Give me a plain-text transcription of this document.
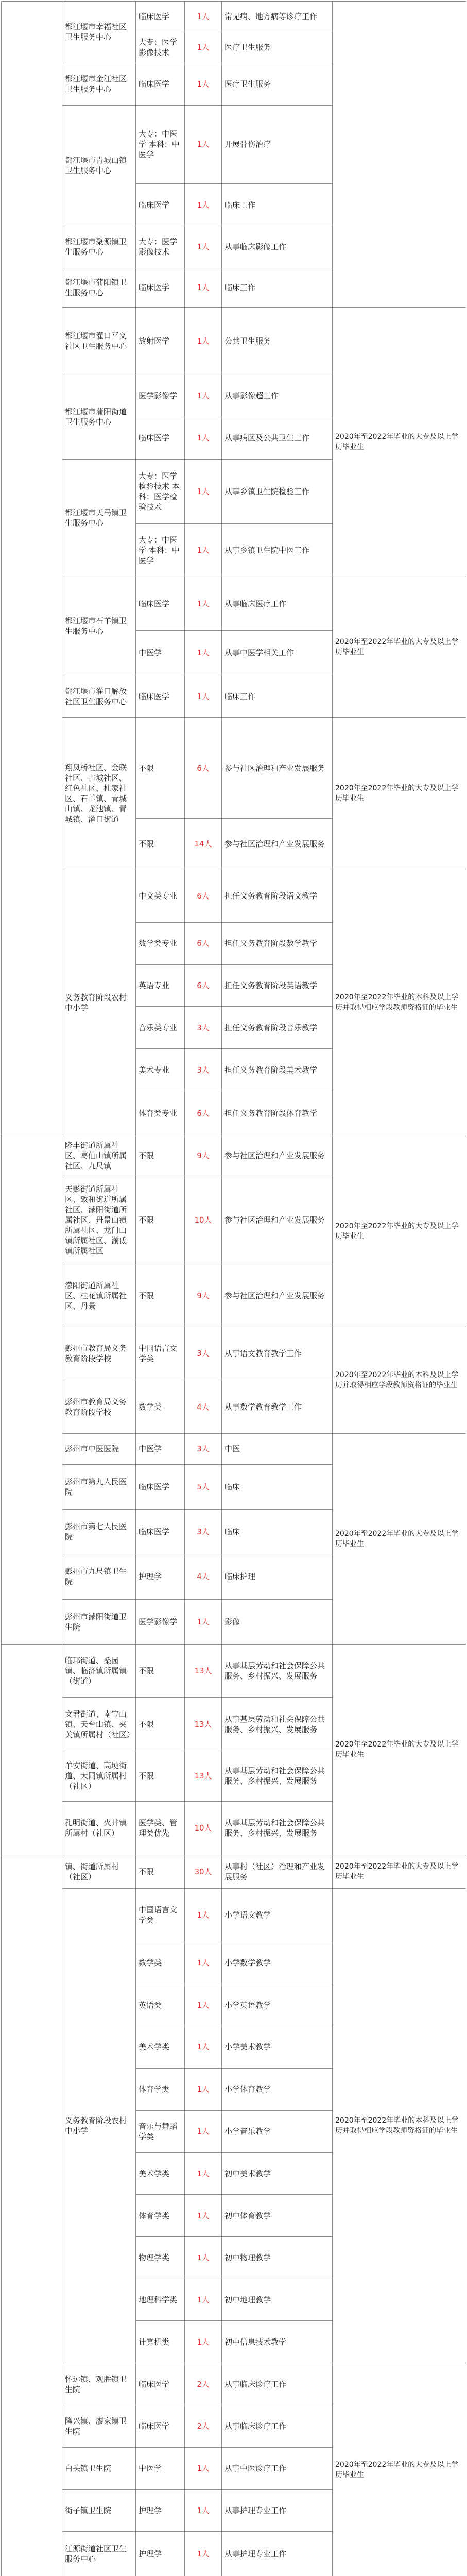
	都江堰市幸福社区卫生服务中心	临床医学	1人	常见病、地方病等诊疗工作	
		大专：医学影像技术	1人	医疗卫生服务	
	都江堰市金江社区卫生服务中心	临床医学	1人	医疗卫生服务	
	都江堰市青城山镇卫生服务中心	大专：中医学 本科：中医学	1人	开展骨伤治疗	
		临床医学	1人	临床工作	
	都江堰市聚源镇卫生服务中心	大专：医学影像技术	1人	从事临床影像工作	
	都江堰市蒲阳镇卫生服务中心	临床医学	1人	临床工作	
	都江堰市灌口平义社区卫生服务中心	放射医学	1人	公共卫生服务	2020年至2022年毕业的大专及以上学历毕业生
	都江堰市蒲阳街道卫生服务中心	医学影像学	1人	从事影像超工作	
		临床医学	1人	从事病区及公共卫生工作	
	都江堰市天马镇卫生服务中心	大专：医学检验技术 本科：医学检验技术	1人	从事乡镇卫生院检验工作	
		大专：中医学 本科：中医学	1人	从事乡镇卫生院中医工作	
	都江堰市石羊镇卫生服务中心	临床医学	1人	从事临床医疗工作	2020年至2022年毕业的大专及以上学历毕业生
		中医学	1人	从事中医学相关工作	
	都江堰市灌口解放社区卫生服务中心	临床医学	1人	临床工作	
	翔凤桥社区、金联社区、古城社区、红色社区、杜家社区、石羊镇、青城山镇、龙池镇、青城镇、灌口街道	不限	6人	参与社区治理和产业发展服务	2020年至2022年毕业的大专及以上学历毕业生
		不限	14人	参与社区治理和产业发展服务	
	义务教育阶段农村中小学	中文类专业	6人	担任义务教育阶段语文教学	2020年至2022年毕业的本科及以上学历并取得相应学段教师资格证的毕业生
		数学类专业	6人	担任义务教育阶段数学教学	
		英语专业	6人	担任义务教育阶段英语教学	
		音乐类专业	3人	担任义务教育阶段音乐教学	
		美术专业	3人	担任义务教育阶段美术教学	
		体育类专业	6人	担任义务教育阶段体育教学	
	隆丰街道所属社区、葛仙山镇所属社区、九尺镇	不限	9人	参与社区治理和产业发展服务	2020年至2022年毕业的大专及以上学历毕业生
	天彭街道所属社区、致和街道所属社区、濛阳街道所属社区、丹景山镇所属社区、龙门山镇所属社区、湔氐镇所属社区	不限	10人	参与社区治理和产业发展服务	
	濛阳街道所属社区、桂花镇所属社区、丹景	不限	9人	参与社区治理和产业发展服务	
	彭州市教育局义务教育阶段学校	中国语言文学类	3人	从事语文教育教学工作	2020年至2022年毕业的本科及以上学历并取得相应学段教师资格证的毕业生
	彭州市教育局义务教育阶段学校	数学类	4人	从事数学教育教学工作	
	彭州市中医医院	中医学	3人	中医	2020年至2022年毕业的大专及以上学历毕业生
	彭州市第九人民医院	临床医学	5人	临床	
	彭州市第七人民医院	临床医学	3人	临床	
	彭州市九尺镇卫生院	护理学	4人	临床护理	
	彭州市濛阳街道卫生院	医学影像学	1人	影像	
	临邛街道、桑园镇、临济镇所属镇（街道）	不限	13人	从事基层劳动和社会保障公共服务、乡村振兴、发展服务	2020年至2022年毕业的大专及以上学历毕业生
	文君街道、南宝山镇、天台山镇、夹关镇所属村（社区）	不限	13人	从事基层劳动和社会保障公共服务、乡村振兴、发展服务	
	羊安街道、高埂街道、大同镇所属村（社区）	不限	13人	从事基层劳动和社会保障公共服务、乡村振兴、发展服务	
	孔明街道、火井镇所属村（社区）	医学类、管理类优先	10人	从事基层劳动和社会保障公共服务、乡村振兴、发展服务	
	镇、街道所属村（社区）	不限	30人	从事村（社区）治理和产业发展服务	2020年至2022年毕业的大专及以上学历毕业生
	义务教育阶段农村中小学	中国语言文学类	1人	小学语文教学	2020年至2022年毕业的本科及以上学历并取得相应学段教师资格证的毕业生
		数学类	1人	小学数学教学	
		英语类	1人	小学英语教学	
		美术学类	1人	小学美术教学	
		体育学类	1人	小学体育教学	
		音乐与舞蹈学类	1人	小学音乐教学	
		美术学类	1人	初中美术教学	
		体育学类	1人	初中体育教学	
		物理学类	1人	初中物理教学	
		地理科学类	1人	初中地理教学	
		计算机类	1人	初中信息技术教学	
	怀远镇、观胜镇卫生院	临床医学	2人	从事临床诊疗工作	2020年至2022年毕业的大专及以上学历毕业生
	隆兴镇、廖家镇卫生院	临床医学	2人	从事临床诊疗工作	
	白头镇卫生院	中医学	1人	从事中医诊疗工作	
	街子镇卫生院	护理学	1人	从事护理专业工作	
	江源街道社区卫生服务中心	护理学	1人	从事护理专业工作	
